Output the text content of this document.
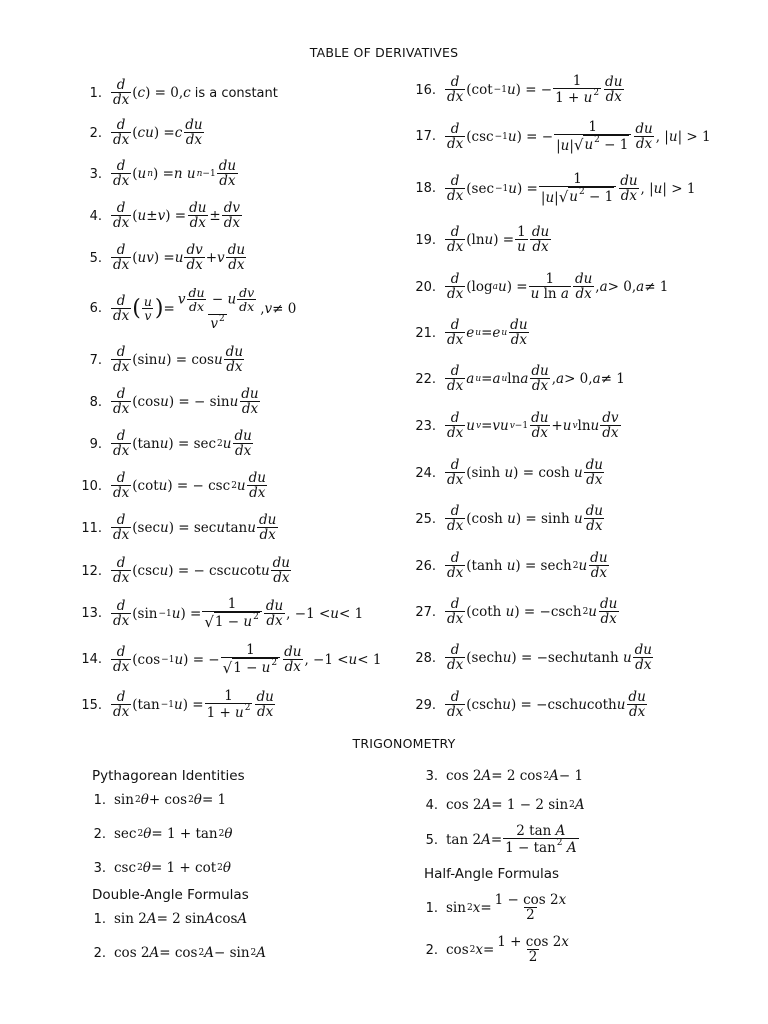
TABLE OF DERIVATIVES
1. $\frac{d}{dx}$ ( c ) = 0, c is a constant
2. $\frac{d}{dx}$ ( cu ) = c $\frac{du}{dx}$
3. $\frac{d}{dx}$ ( u n ) = n
u $n-1 \frac{du}{dx}$
4. $\frac{d}{dx}$ ( u ± v ) = $\frac{du}{dx} \pm \frac{dv}{dx}$
5. $\frac{d}{dx}$ ( uv ) = u $\frac{dv}{dx} + v \frac{du}{dx}$
6. $\frac{d}{dx}$ ( $\frac{u}{v}$ ) = $\frac{v \frac{du}{dx} - u \frac{dv}{dx}}{v^2}$ , v ≠ 0
7. $\frac{d}{dx} (\sin$ u ) = cos u $\frac{du}{dx}$
8. $\frac{d}{dx} (\cos$ u ) = − sin u $\frac{du}{dx}$
9. $\frac{d}{dx} (\tan$ u ) = sec 2 u $\frac{du}{dx}$
10. $\frac{d}{dx} (\cot$ u ) = − csc 2 u $\frac{du}{dx}$
11. $\frac{d}{dx} (\sec$ u ) = sec u tan u $\frac{du}{dx}$
12. $\frac{d}{dx} (\csc$ u ) = − csc u cot u $\frac{du}{dx}$
13. $\frac{d}{dx} (\sin -1$ u ) = $\frac{1}{√ 1 - u^2} \frac{du}{dx}$ , −1 < u < 1
14. $\frac{d}{dx} (\cos -1$ u ) = − $\frac{1}{√ 1 - u^2} \frac{du}{dx}$ , −1 < u < 1
15. $\frac{d}{dx} (\tan -1$ u ) = $\frac{1}{1 + u^2} \frac{du}{dx}$
16. $\frac{d}{dx} (\cot -1$ u ) = − $\frac{1}{1 + u^2} \frac{du}{dx}$
17. $\frac{d}{dx} (\csc -1$ u ) = − $\frac{1}{|u| √ u^2 - 1} \frac{du}{dx}$ , | u | > 1
18. $\frac{d}{dx} (\sec -1$ u ) = $\frac{1}{|u| √ u^2 - 1} \frac{du}{dx}$ , | u | > 1
19. $\frac{d}{dx} (\ln$ u ) = $\frac{1}{u} \frac{du}{dx}$
20. $\frac{d}{dx} (\log$ a u ) = $\frac{1}{\text{u ln a}} \frac{du}{dx}$ , a > 0, a ≠ 1
21. $\frac{d}{dx}$ e u = e u $\frac{du}{dx}$
22. $\frac{d}{dx}$ a u = a u ln a $\frac{du}{dx}$ , a > 0, a ≠ 1
23. $\frac{d}{dx}$ u v = vu $v-1 \frac{du}{dx} + u$ v ln u $\frac{dv}{dx}$
24. $\frac{d}{dx} (\sinh$ u ) = cosh u $\frac{du}{dx}$
25. $\frac{d}{dx} (\cosh$ u ) = sinh u $\frac{du}{dx}$
26. $\frac{d}{dx} (\tanh$ u ) = sech 2 u $\frac{du}{dx}$
27. $\frac{d}{dx} (\cot h$ u ) = −csch 2 u $\frac{du}{dx}$
28. $\frac{d}{dx} (\sec h$ u ) = −sech u tanh u $\frac{du}{dx}$
29. $\frac{d}{dx} (\csc h$ u ) = −csch u coth u $\frac{du}{dx}$
TRIGONOMETRY
Pythagorean Identities
1. sin 2 θ + cos 2 θ = 1
2. sec 2 θ = 1 + tan 2 θ
3. csc 2 θ = 1 + cot 2 θ
Double-Angle Formulas
1. sin 2 A = 2 sin A cos A
2. cos 2 A = cos 2 A − sin 2 A
3. cos 2 A = 2 cos 2 A − 1
4. cos 2 A = 1 − 2 sin 2 A
5. tan 2 $A = \frac{\text{2 tan A}}{1 - \tan^2 A}$
Half-Angle Formulas
1. sin 2 $x = \frac{1 - \cos 2x}{2}$
2. cos 2 $x = \frac{1 + \cos 2x}{2}$
